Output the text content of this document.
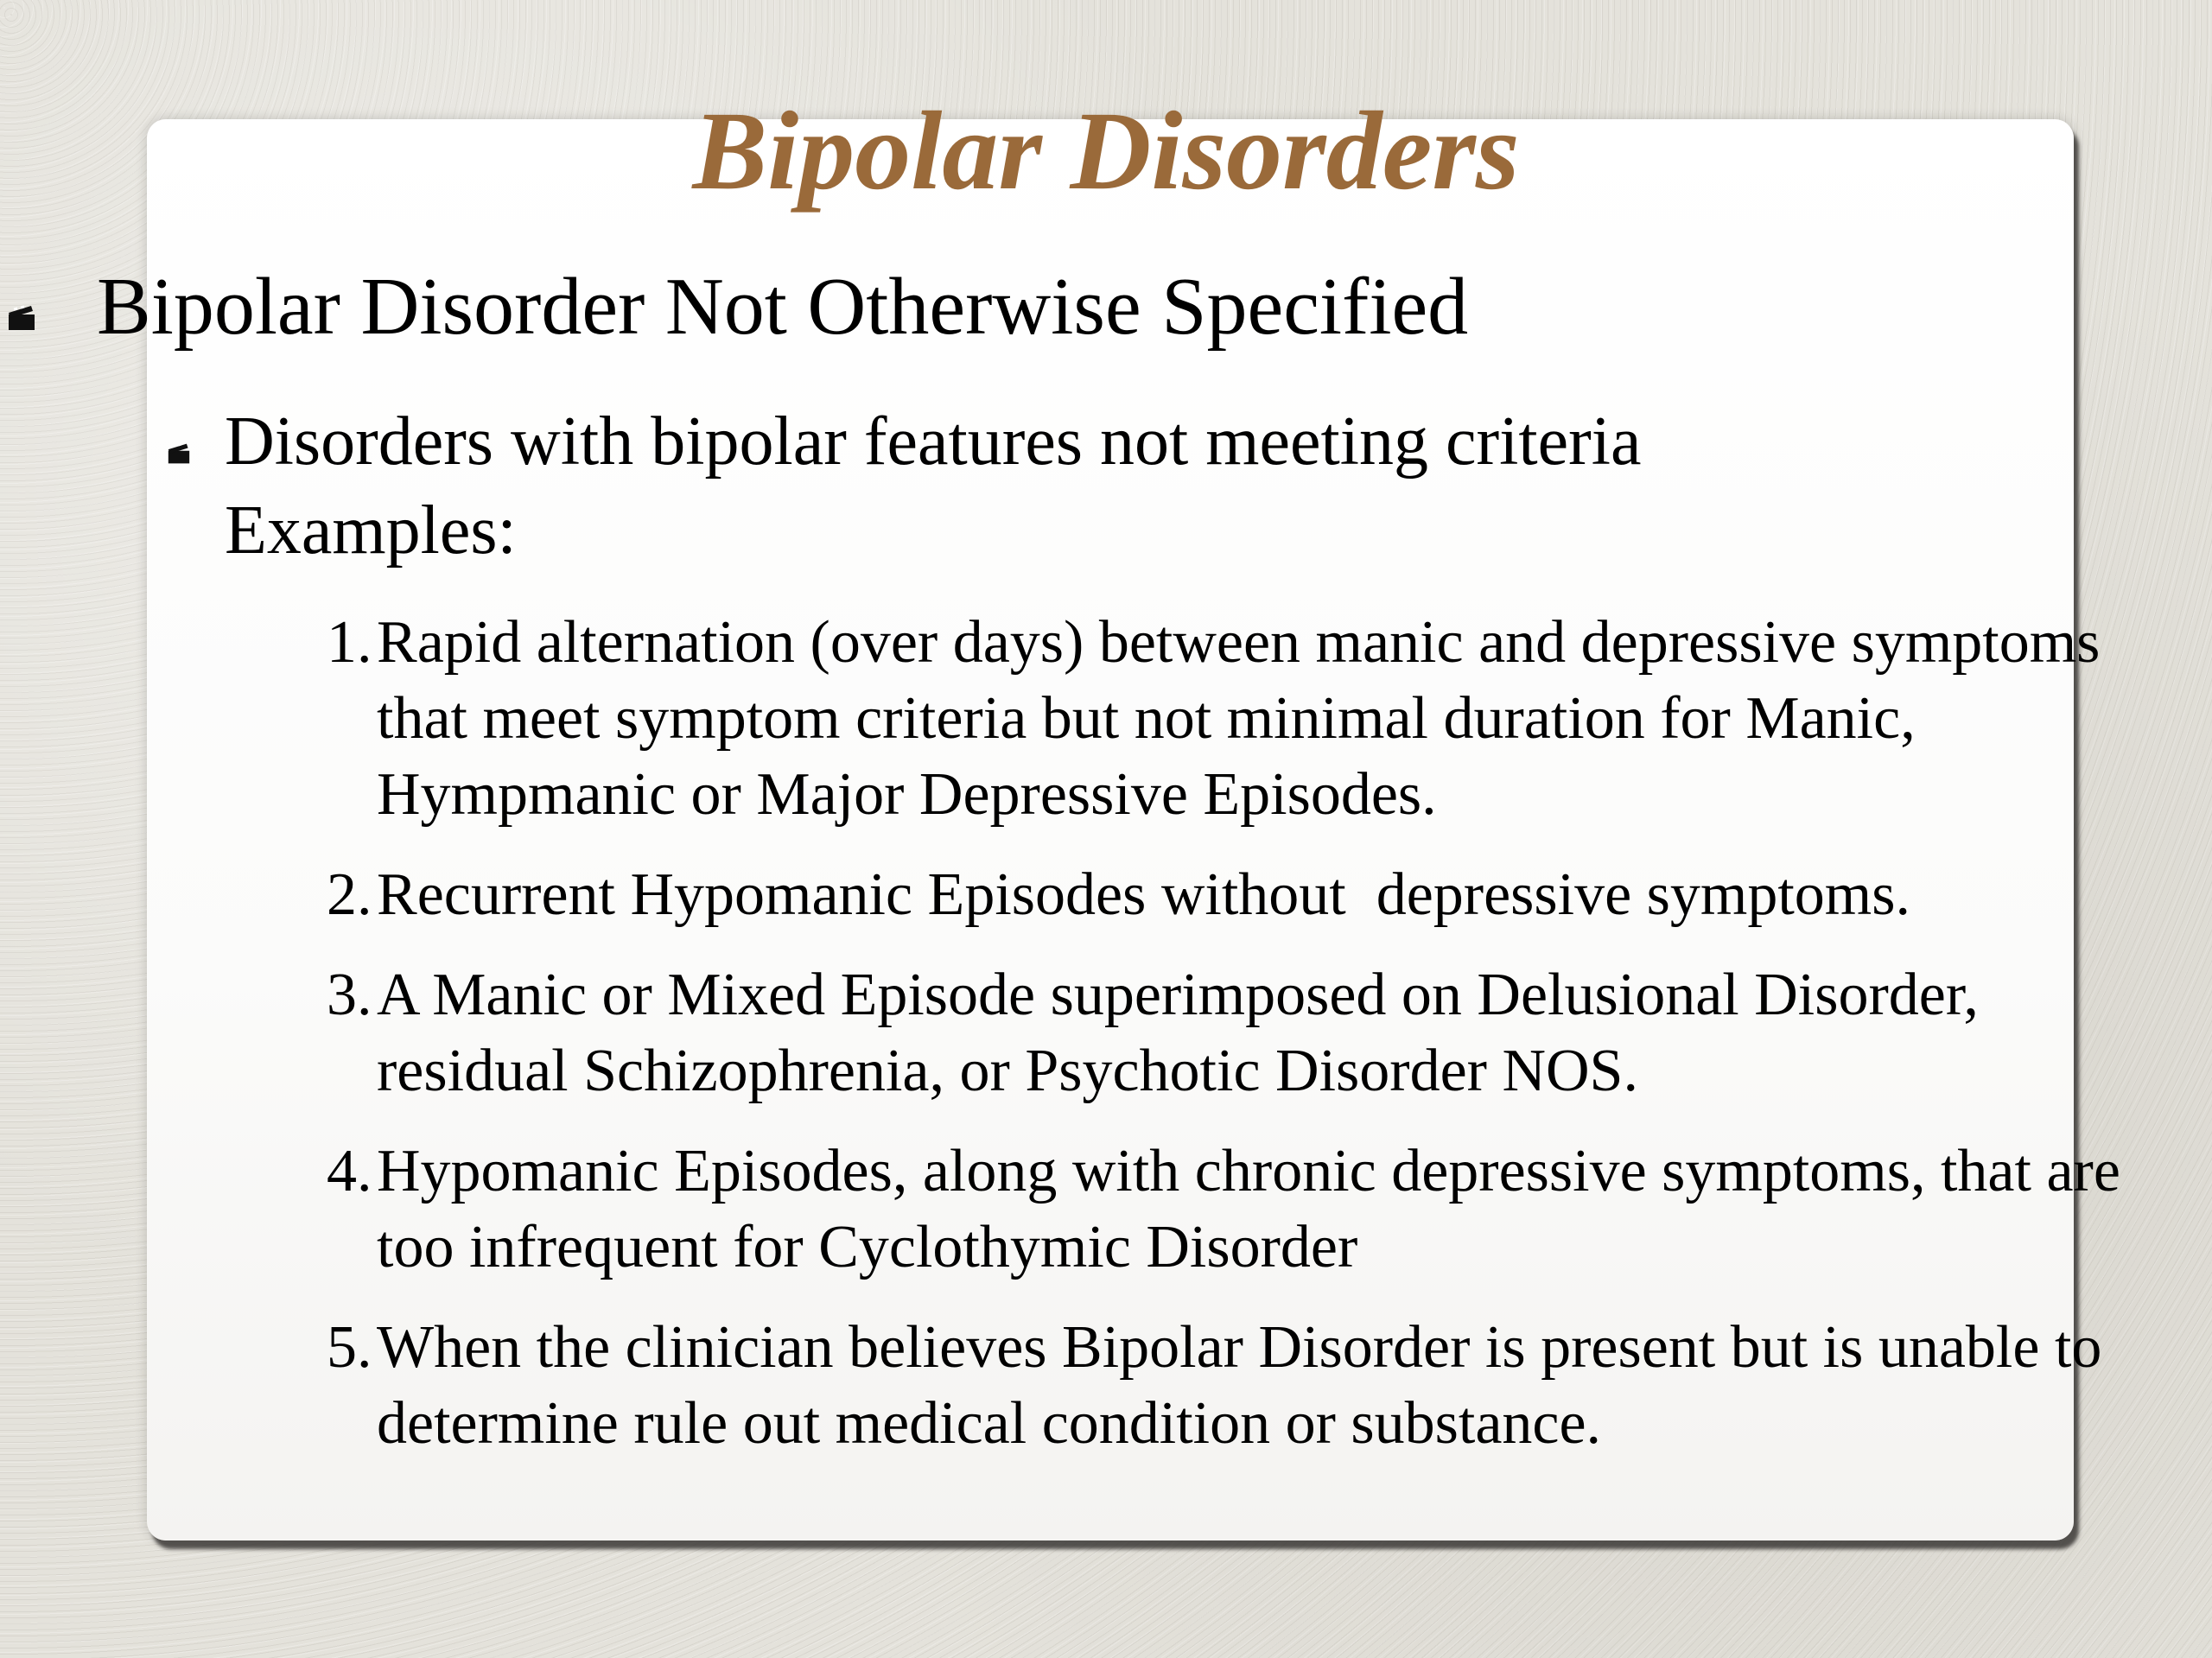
Bipolar Disorders

Bipolar Disorder Not Otherwise Specified

Disorders with bipolar features not meeting criteria
Examples:
1. Rapid alternation (over days) between manic and depressive symptoms that meet symptom criteria but not minimal duration for Manic, Hympmanic or Major Depressive Episodes.
2. Recurrent Hypomanic Episodes without  depressive symptoms.
3. A Manic or Mixed Episode superimposed on Delusional Disorder, residual Schizophrenia, or Psychotic Disorder NOS.
4. Hypomanic Episodes, along with chronic depressive symptoms, that are too infrequent for Cyclothymic Disorder
5. When the clinician believes Bipolar Disorder is present but is unable to determine rule out medical condition or substance.
